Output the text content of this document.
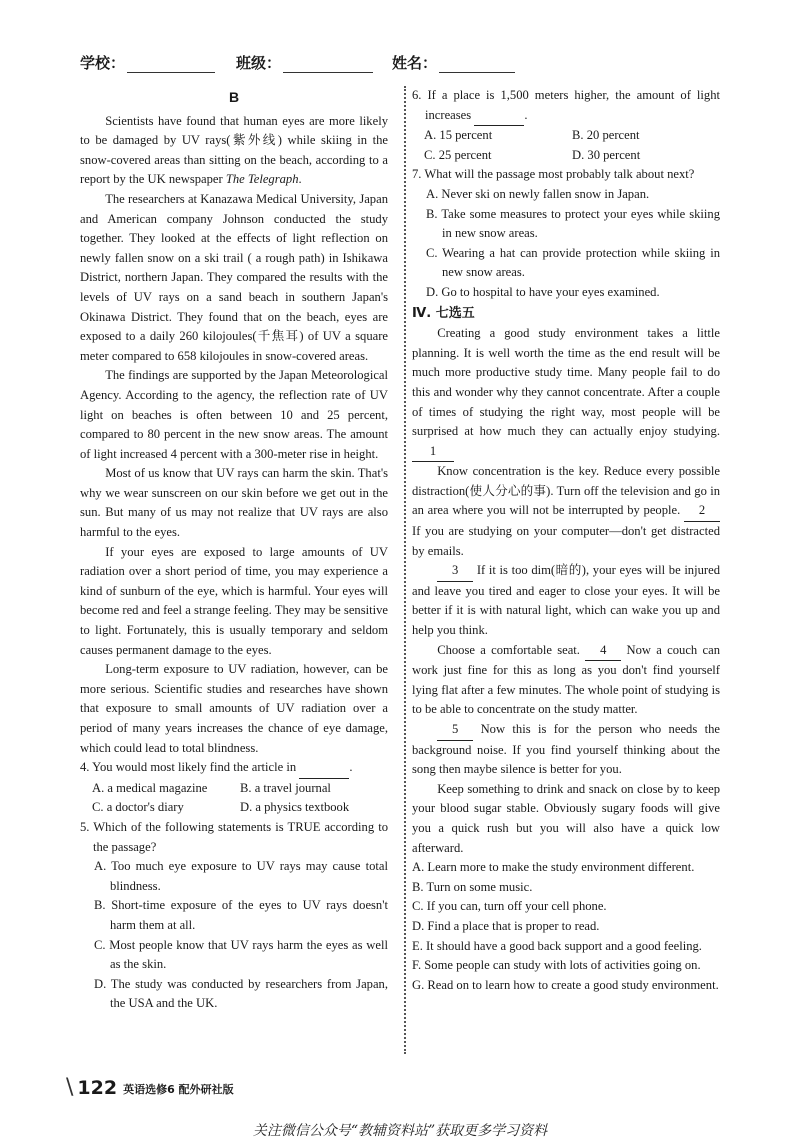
学校：	班级：	姓名：
B

Scientists have found that human eyes are more likely to be damaged by UV rays(紫外线) while skiing in the snow-covered areas than sitting on the beach, according to a report by the UK newspaper The Telegraph.

The researchers at Kanazawa Medical University, Japan and American company Johnson conducted the study together. They looked at the effects of light reflection on newly fallen snow on a ski trail ( a rough path) in Ishikawa District, northern Japan. They compared the results with the levels of UV rays on a sand beach in southern Japan's Okinawa District. They found that on the beach, eyes are exposed to a daily 260 kilojoules(千焦耳) of UV a square meter compared to 658 kilojoules in snow-covered areas.

The findings are supported by the Japan Meteorological Agency. According to the agency, the reflection rate of UV light on beaches is often between 10 and 25 percent, compared to 80 percent in the new snow areas. The amount of light increased 4 percent with a 300-meter rise in height.

Most of us know that UV rays can harm the skin. That's why we wear sunscreen on our skin before we get out in the sun. But many of us may not realize that UV rays are also harmful to the eyes.

If your eyes are exposed to large amounts of UV radiation over a short period of time, you may experience a kind of sunburn of the eye, which is harmful. Your eyes will become red and feel a strange feeling. They may be sensitive to light. Fortunately, this is usually temporary and seldom causes permanent damage to the eyes.

Long-term exposure to UV radiation, however, can be more serious. Scientific studies and researches have shown that exposure to small amounts of UV radiation over a period of many years increases the chance of eye damage, which could lead to total blindness.

4. You would most likely find the article in	.

A. a medical magazine	B. a travel journal
C. a doctor's diary	D. a physics textbook

5. Which of the following statements is TRUE according to the passage?

A. Too much eye exposure to UV rays may cause total blindness.

B. Short-time exposure of the eyes to UV rays doesn't harm them at all.

C. Most people know that UV rays harm the eyes as well as the skin.

D. The study was conducted by researchers from Japan, the USA and the UK.

6. If a place is 1,500 meters higher, the amount of light increases	.

A. 15 percent	B. 20 percent
C. 25 percent	D. 30 percent

7. What will the passage most probably talk about next?

A. Never ski on newly fallen snow in Japan.

B. Take some measures to protect your eyes while skiing in new snow areas.

C. Wearing a hat can provide protection while skiing in new snow areas.

D. Go to hospital to have your eyes examined.

Ⅳ. 七选五

Creating a good study environment takes a little planning. It is well worth the time as the end result will be much more productive study time. Many people fail to do this and wonder why they cannot concentrate. After a couple of times of studying the right way, most people will be surprised at how much they can actually enjoy studying. 1

Know concentration is the key. Reduce every possible distraction(使人分心的事). Turn off the television and go in an area where you will not be interrupted by people. 2 If you are studying on your computer—don't get distracted by emails.

3 If it is too dim(暗的), your eyes will be injured and leave you tired and eager to close your eyes. It will be better if it is with natural light, which can wake you up and help you think.

Choose a comfortable seat. 4 Now a couch can work just fine for this as long as you don't find yourself lying flat after a few minutes. The whole point of studying is to be able to concentrate on the study matter.

5 Now this is for the person who needs the background noise. If you find yourself thinking about the song then maybe silence is better for you.

Keep something to drink and snack on close by to keep your blood sugar stable. Obviously sugary foods will give you a quick rush but you will also have a quick low afterward.

A. Learn more to make the study environment different.

B. Turn on some music.

C. If you can, turn off your cell phone.

D. Find a place that is proper to read.

E. It should have a good back support and a good feeling.

F. Some people can study with lots of activities going on.

G. Read on to learn how to create a good study environment.

\ 122 英语选修6 配外研社版
关注微信公众号“教辅资料站”获取更多学习资料
